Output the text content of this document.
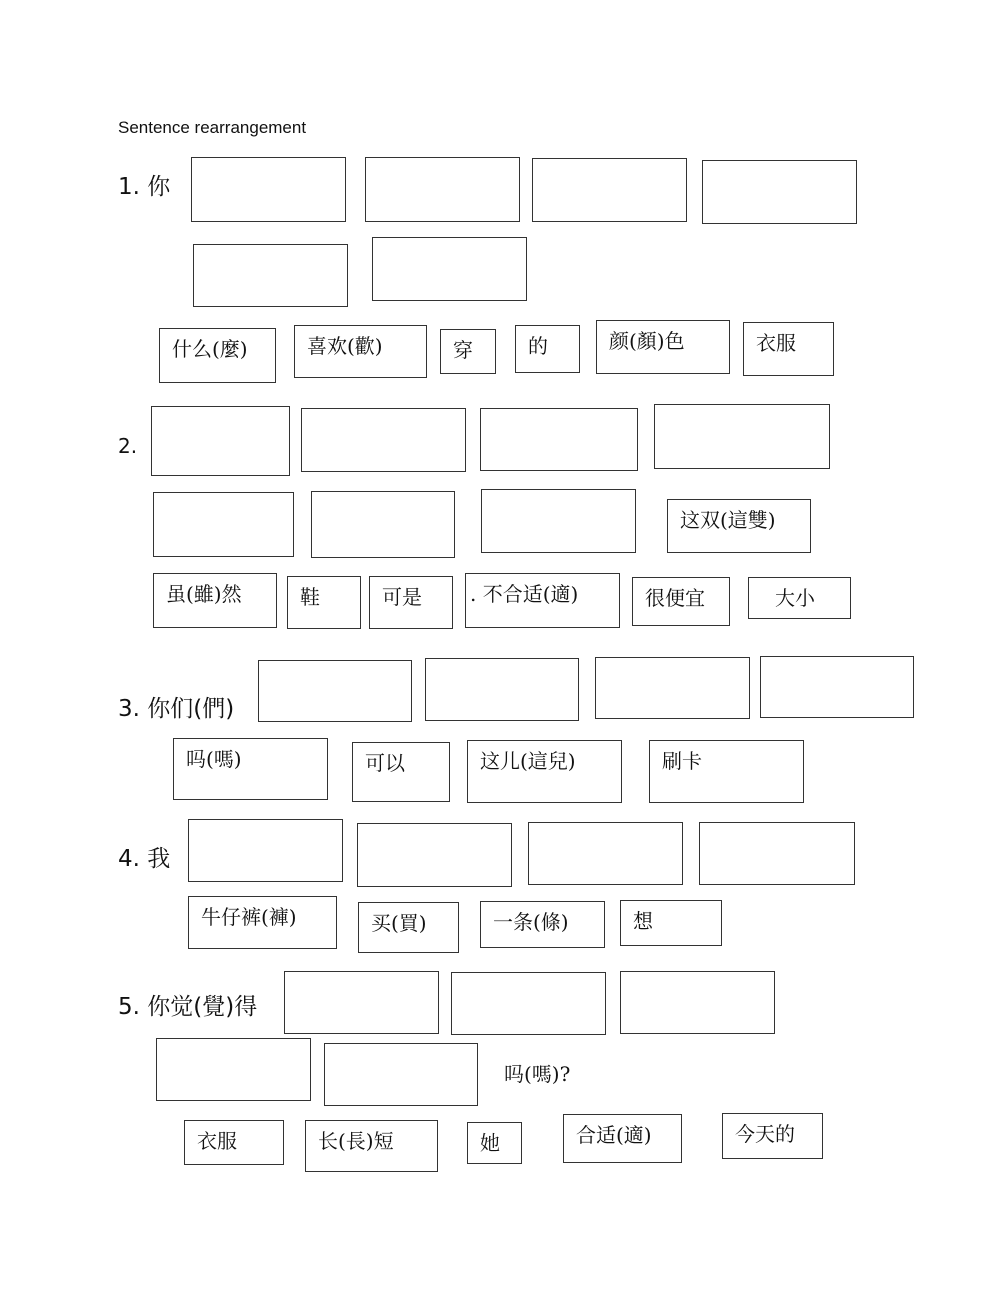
Sentence rearrangement
1. 你
什么(麼)	喜欢(歡)	穿	的	颜(顏)色	衣服
2.
这双(這雙)
虽(雖)然	鞋	可是	. 不合适(適)	很便宜	大小
3. 你们(們)
吗(嗎)	可以	这儿(這兒)	刷卡
4. 我
牛仔裤(褲)	买(買)	一条(條)	想
5. 你觉(覺)得
吗(嗎)?
衣服	长(長)短	她	合适(適)	今天的
